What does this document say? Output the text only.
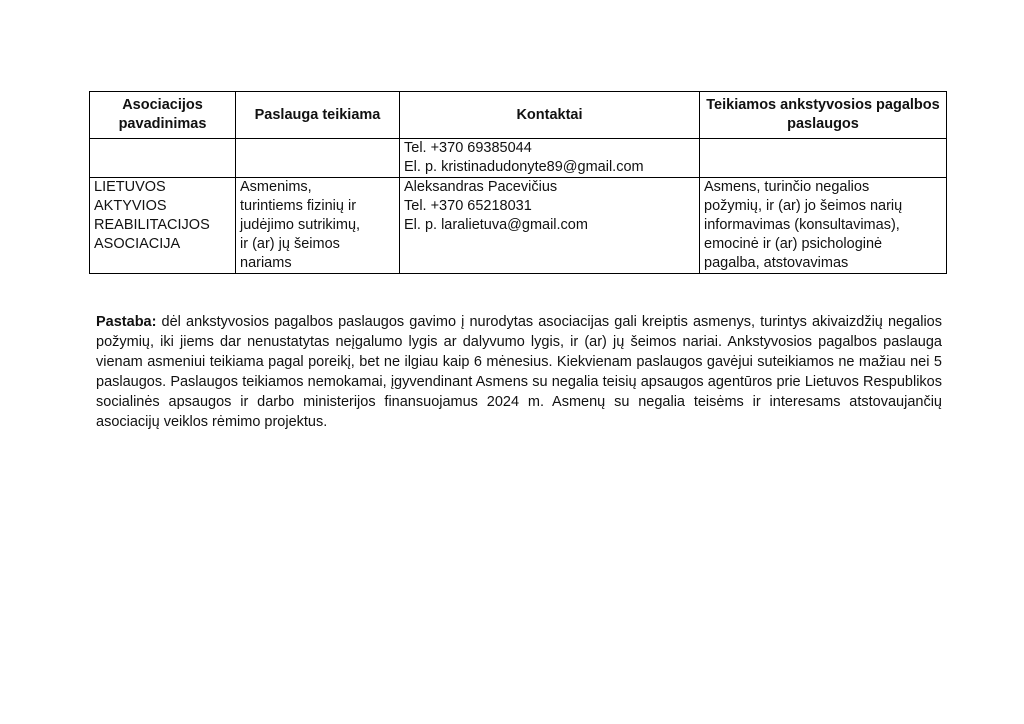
Asociacijos pavadinimas	Paslauga teikiama	Kontaktai	Teikiamos ankstyvosios pagalbos paslaugos

		Tel. +370 69385044
El. p. kristinadudonyte89@gmail.com	

LIETUVOS
AKTYVIOS
REABILITACIJOS
ASOCIACIJA	Asmenims,
turintiems fizinių ir
judėjimo sutrikimų,
ir (ar) jų šeimos
nariams	Aleksandras Pacevičius
Tel. +370 65218031
El. p. laralietuva@gmail.com	Asmens, turinčio negalios
požymių, ir (ar) jo šeimos narių
informavimas (konsultavimas),
emocinė ir (ar) psichologinė
pagalba, atstovavimas

Pastaba: dėl ankstyvosios pagalbos paslaugos gavimo į nurodytas asociacijas gali kreiptis asmenys, turintys akivaizdžių negalios požymių, iki jiems dar nenustatytas neįgalumo lygis ar dalyvumo lygis, ir (ar) jų šeimos nariai. Ankstyvosios pagalbos paslauga vienam asmeniui teikiama pagal poreikį, bet ne ilgiau kaip 6 mėnesius. Kiekvienam paslaugos gavėjui suteikiamos ne mažiau nei 5 paslaugos. Paslaugos teikiamos nemokamai, įgyvendinant Asmens su negalia teisių apsaugos agentūros prie Lietuvos Respublikos socialinės apsaugos ir darbo ministerijos finansuojamus 2024 m. Asmenų su negalia teisėms ir interesams atstovaujančių asociacijų veiklos rėmimo projektus.
